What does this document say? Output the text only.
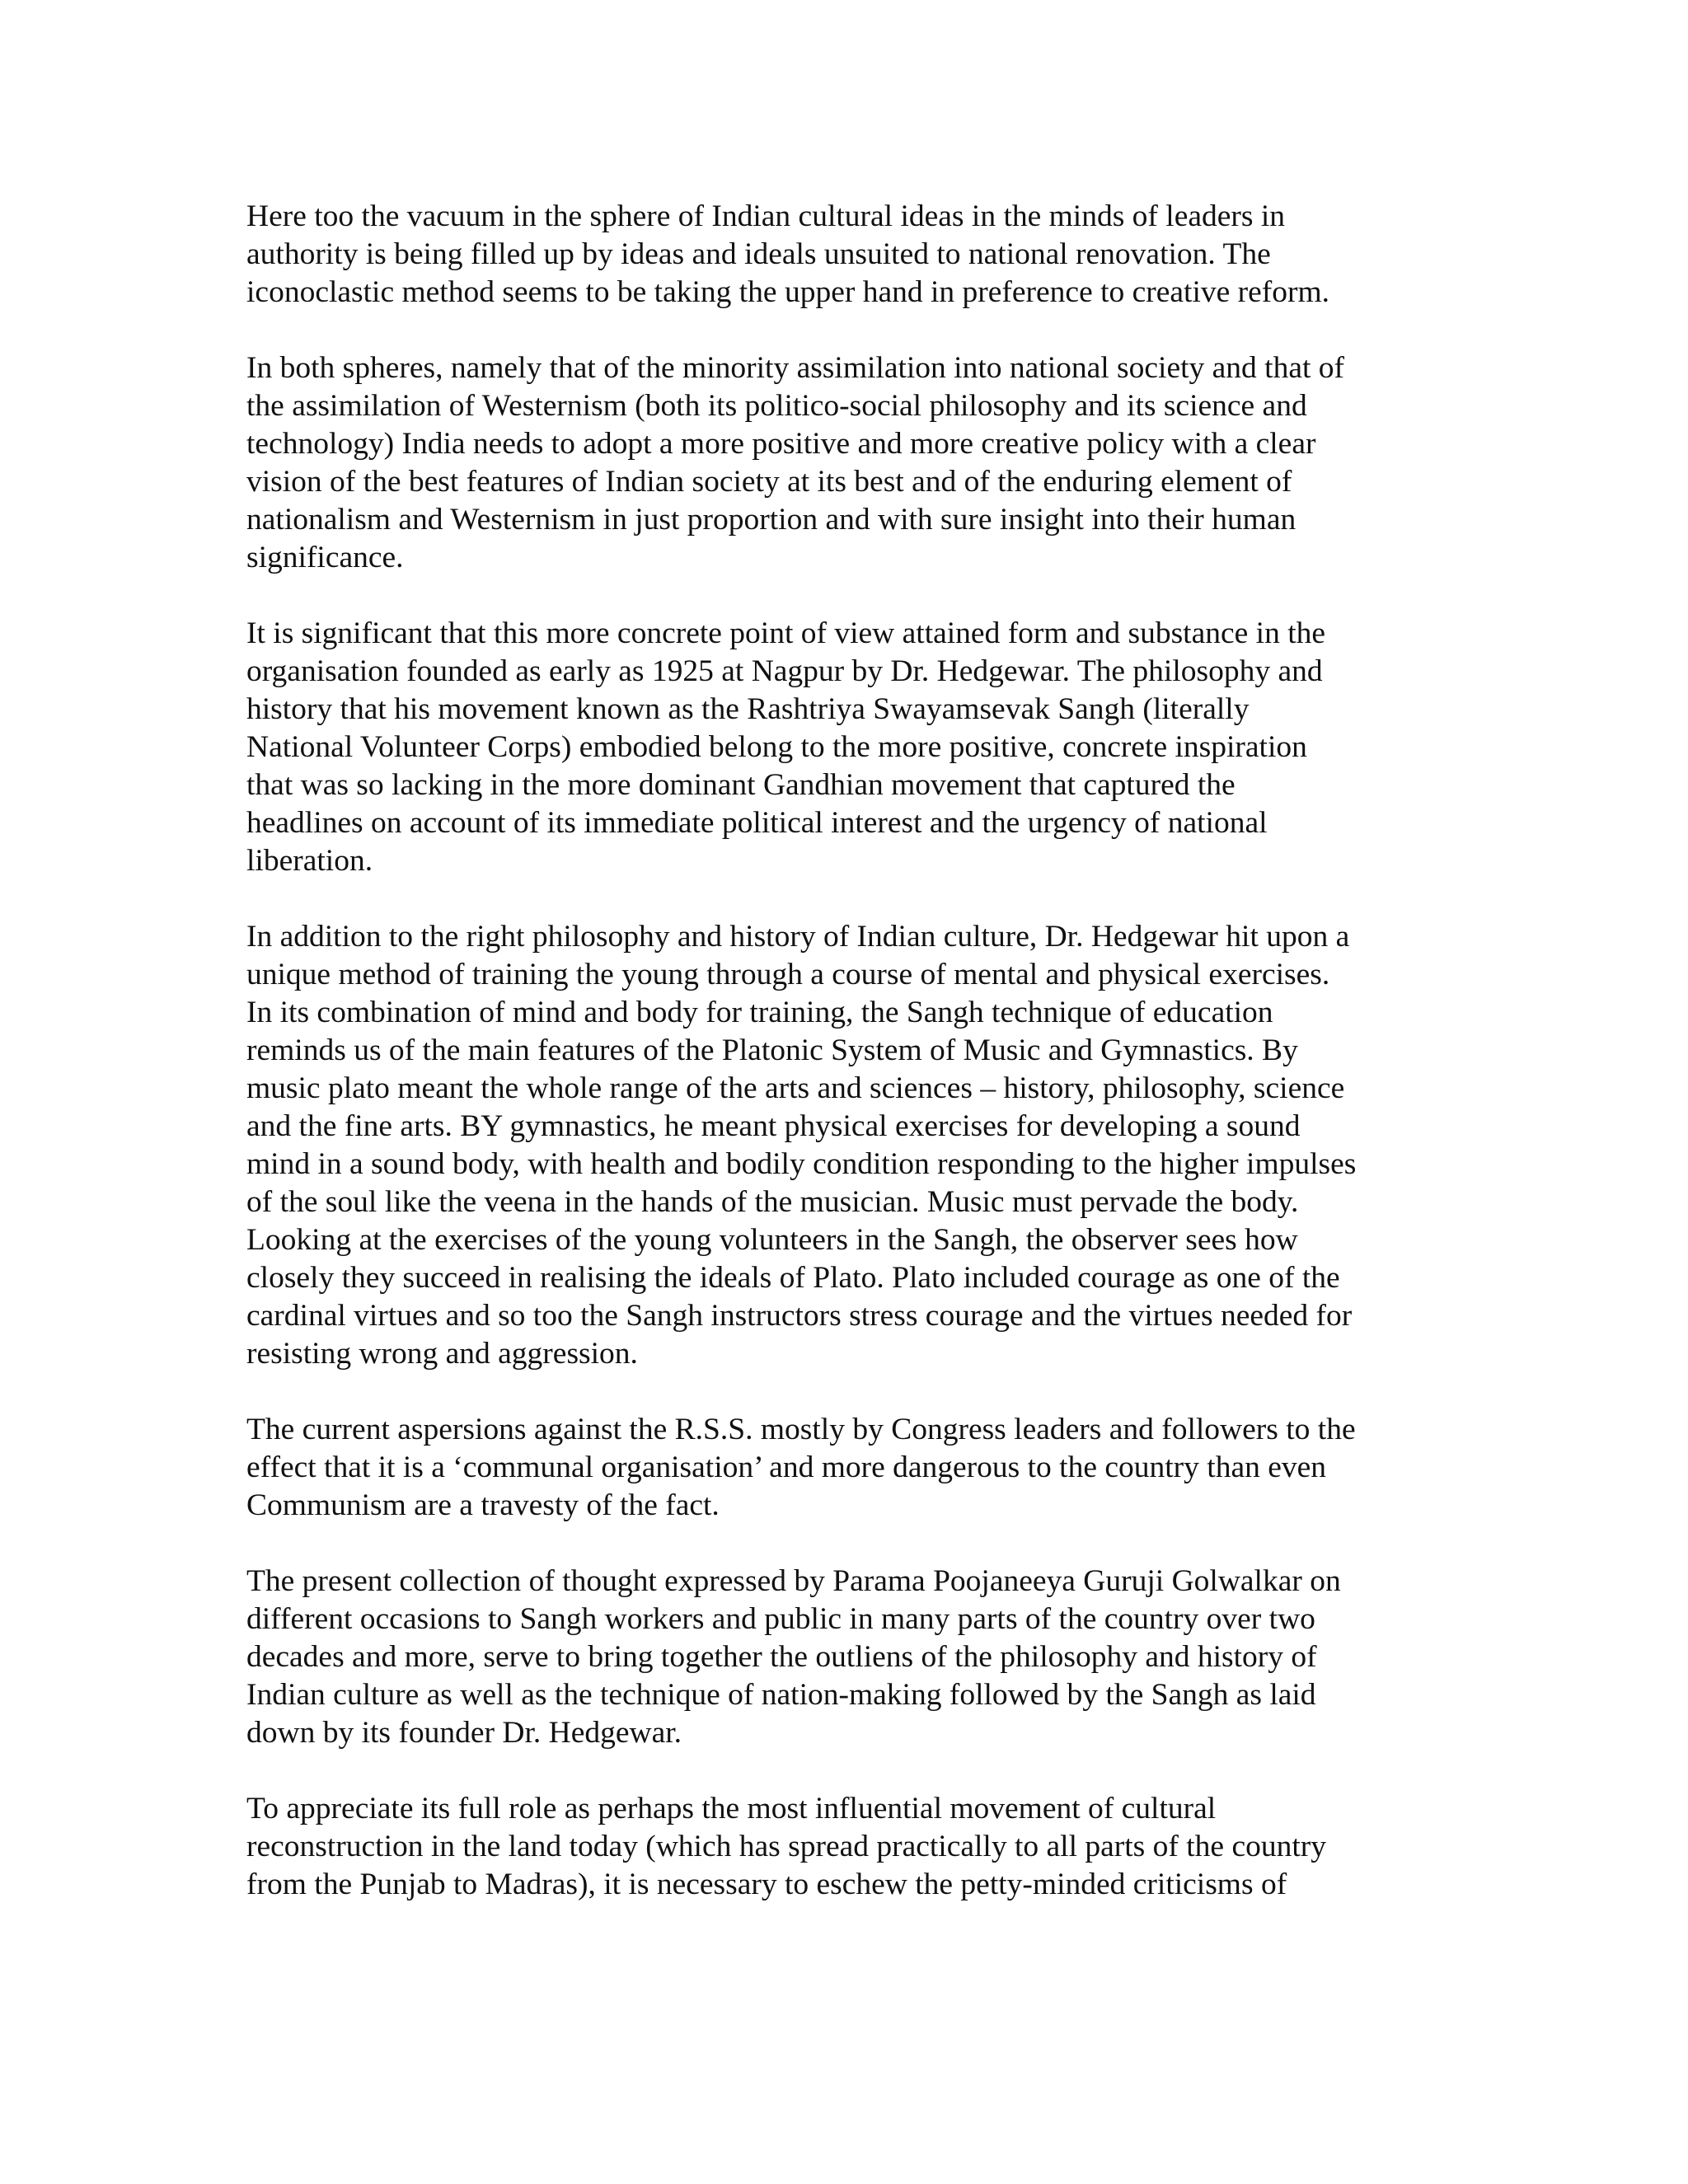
Here too the vacuum in the sphere of Indian cultural ideas in the minds of leaders in
authority is being filled up by ideas and ideals unsuited to national renovation. The
iconoclastic method seems to be taking the upper hand in preference to creative reform.

In both spheres, namely that of the minority assimilation into national society and that of
the assimilation of Westernism (both its politico-social philosophy and its science and
technology) India needs to adopt a more positive and more creative policy with a clear
vision of the best features of Indian society at its best and of the enduring element of
nationalism and Westernism in just proportion and with sure insight into their human
significance.

It is significant that this more concrete point of view attained form and substance in the
organisation founded as early as 1925 at Nagpur by Dr. Hedgewar. The philosophy and
history that his movement known as the Rashtriya Swayamsevak Sangh (literally
National Volunteer Corps) embodied belong to the more positive, concrete inspiration
that was so lacking in the more dominant Gandhian movement that captured the
headlines on account of its immediate political interest and the urgency of national
liberation.

In addition to the right philosophy and history of Indian culture, Dr. Hedgewar hit upon a
unique method of training the young through a course of mental and physical exercises.
In its combination of mind and body for training, the Sangh technique of education
reminds us of the main features of the Platonic System of Music and Gymnastics. By
music plato meant the whole range of the arts and sciences – history, philosophy, science
and the fine arts. BY gymnastics, he meant physical exercises for developing a sound
mind in a sound body, with health and bodily condition responding to the higher impulses
of the soul like the veena in the hands of the musician. Music must pervade the body.
Looking at the exercises of the young volunteers in the Sangh, the observer sees how
closely they succeed in realising the ideals of Plato. Plato included courage as one of the
cardinal virtues and so too the Sangh instructors stress courage and the virtues needed for
resisting wrong and aggression.

The current aspersions against the R.S.S. mostly by Congress leaders and followers to the
effect that it is a ‘communal organisation’ and more dangerous to the country than even
Communism are a travesty of the fact.

The present collection of thought expressed by Parama Poojaneeya Guruji Golwalkar on
different occasions to Sangh workers and public in many parts of the country over two
decades and more, serve to bring together the outliens of the philosophy and history of
Indian culture as well as the technique of nation-making followed by the Sangh as laid
down by its founder Dr. Hedgewar.

To appreciate its full role as perhaps the most influential movement of cultural
reconstruction in the land today (which has spread practically to all parts of the country
from the Punjab to Madras), it is necessary to eschew the petty-minded criticisms of
